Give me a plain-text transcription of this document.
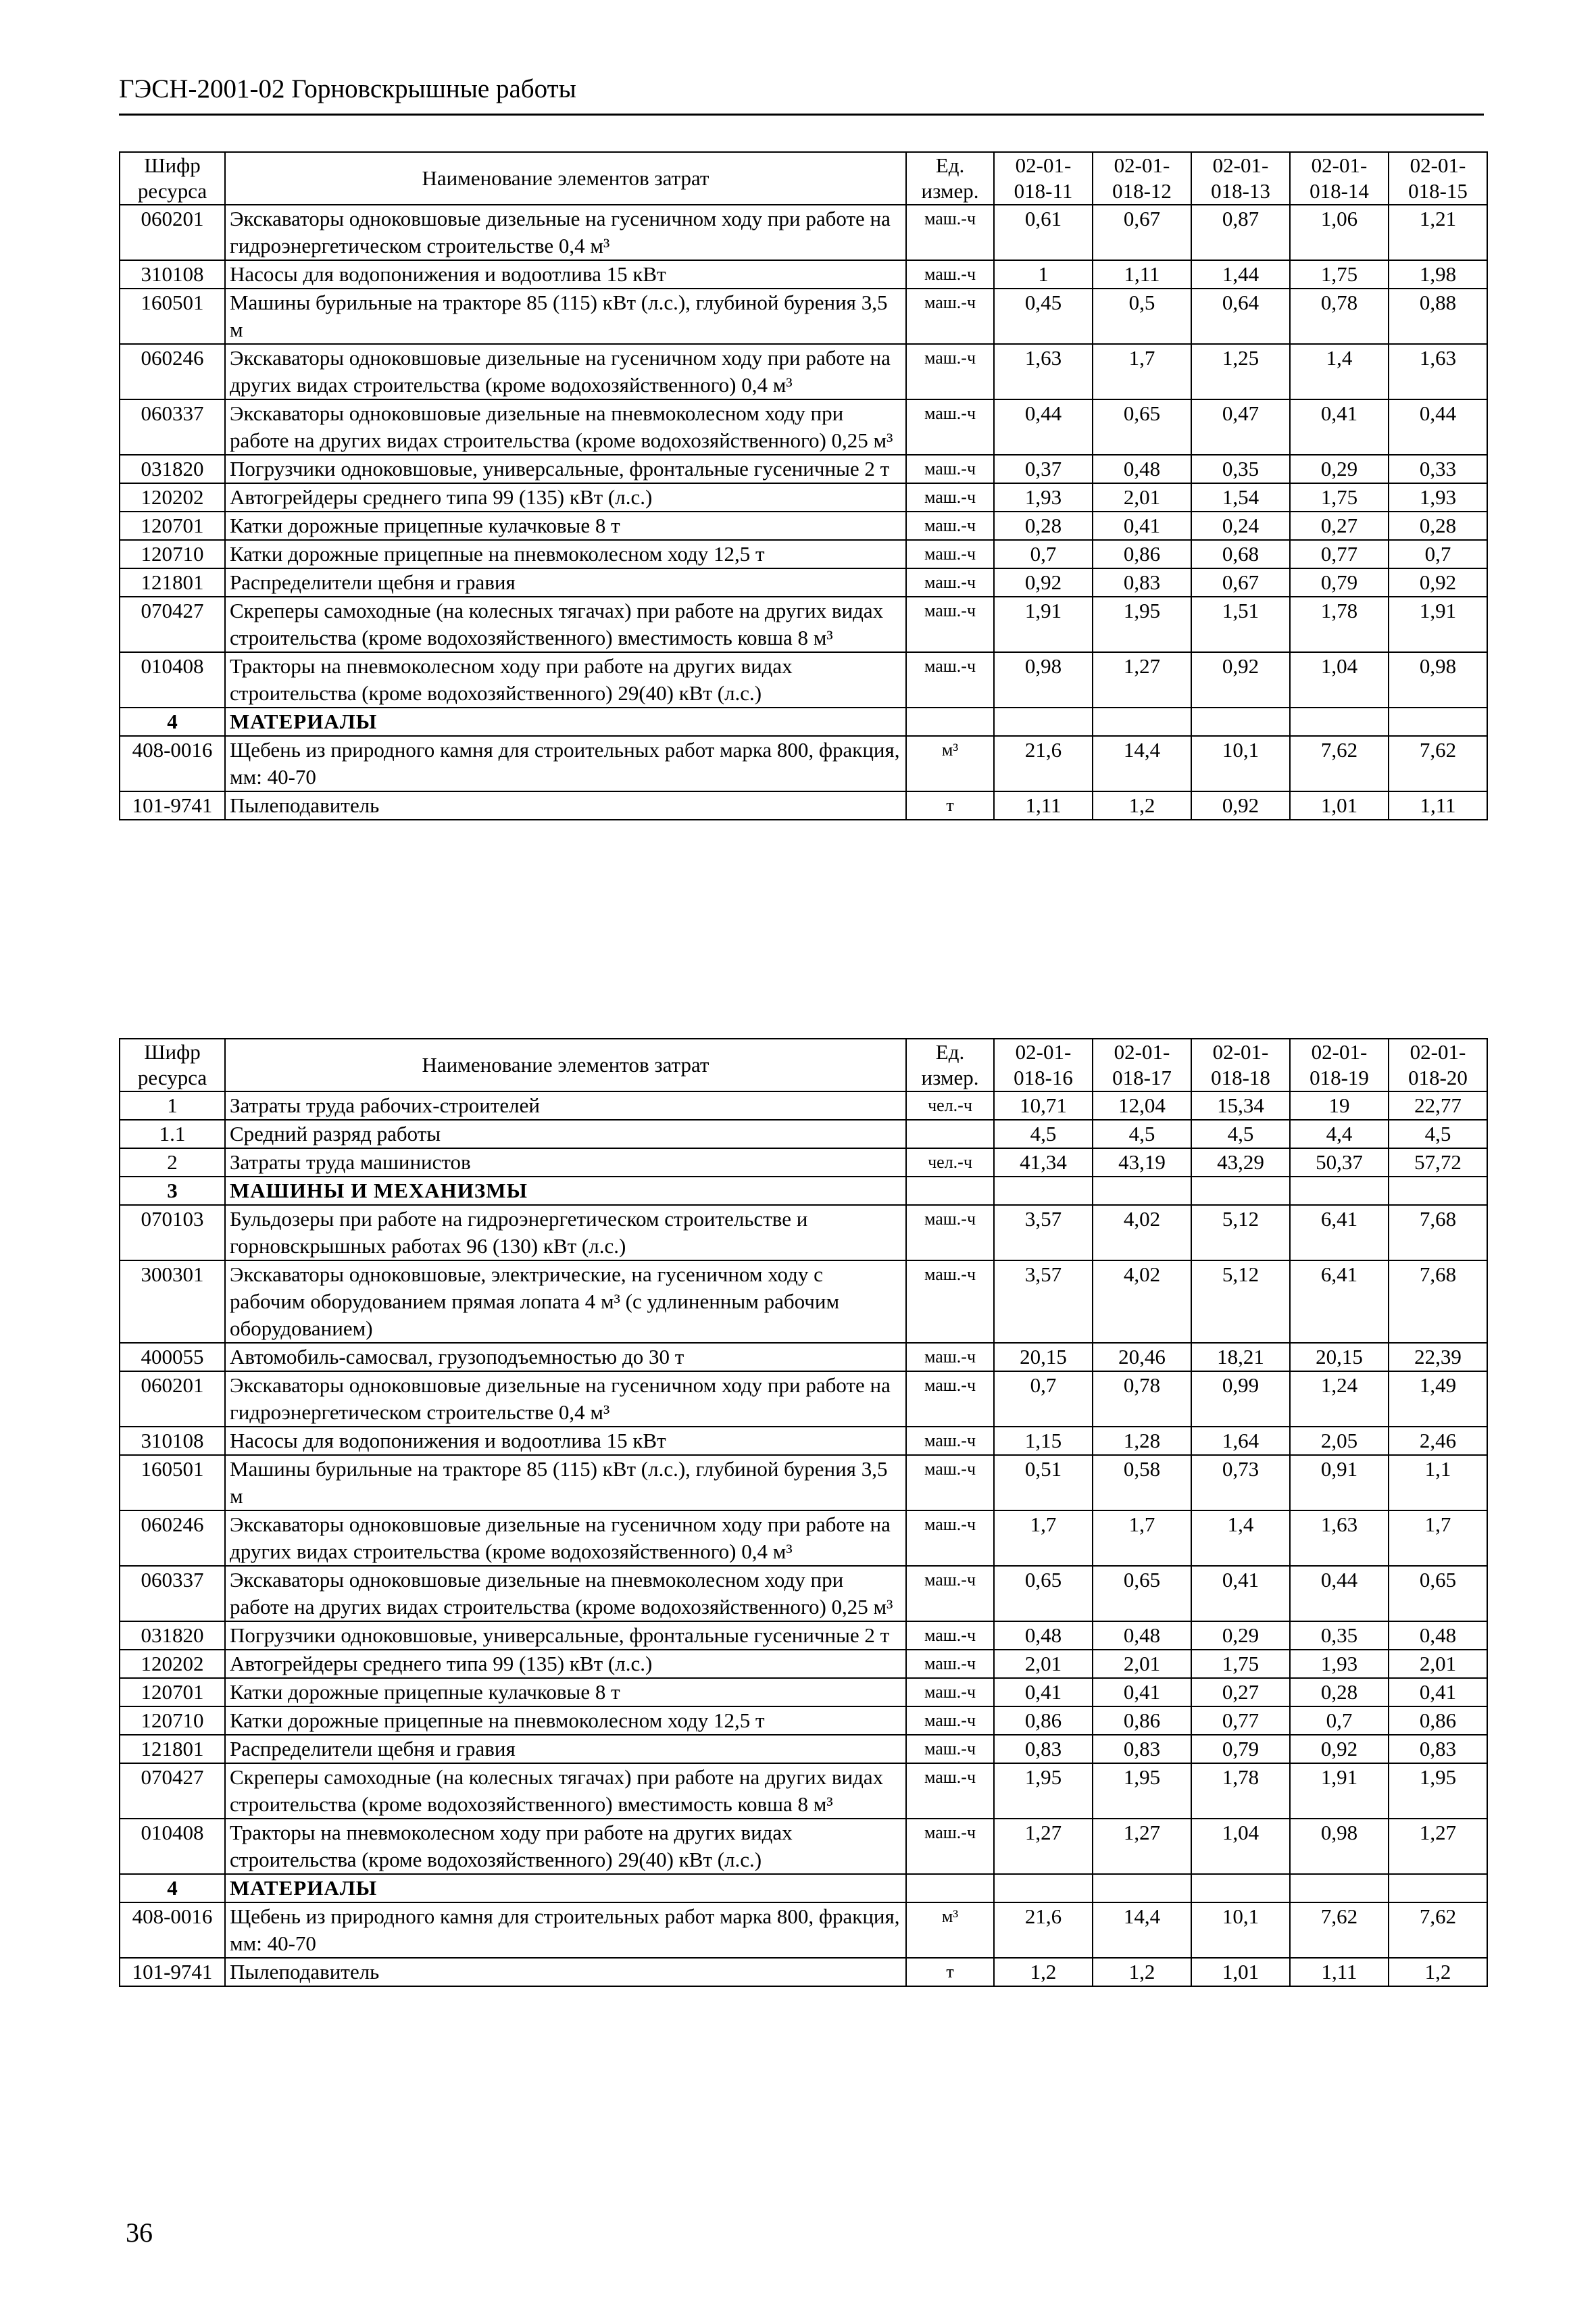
ГЭСН-2001-02 Горновскрышные работы
Шифр ресурса	Наименование элементов затрат	Ед. измер.	02-01-018-11	02-01-018-12	02-01-018-13	02-01-018-14	02-01-018-15
060201	Экскаваторы одноковшовые дизельные на гусеничном ходу при работе на гидроэнергетическом строительстве 0,4 м³	маш.-ч	0,61	0,67	0,87	1,06	1,21
310108	Насосы для водопонижения и водоотлива 15 кВт	маш.-ч	1	1,11	1,44	1,75	1,98
160501	Машины бурильные на тракторе 85 (115) кВт (л.с.), глубиной бурения 3,5 м	маш.-ч	0,45	0,5	0,64	0,78	0,88
060246	Экскаваторы одноковшовые дизельные на гусеничном ходу при работе на других видах строительства (кроме водохозяйственного) 0,4 м³	маш.-ч	1,63	1,7	1,25	1,4	1,63
060337	Экскаваторы одноковшовые дизельные на пневмоколесном ходу при работе на других видах строительства (кроме водохозяйственного) 0,25 м³	маш.-ч	0,44	0,65	0,47	0,41	0,44
031820	Погрузчики одноковшовые, универсальные, фронтальные гусеничные 2 т	маш.-ч	0,37	0,48	0,35	0,29	0,33
120202	Автогрейдеры среднего типа 99 (135) кВт (л.с.)	маш.-ч	1,93	2,01	1,54	1,75	1,93
120701	Катки дорожные прицепные кулачковые 8 т	маш.-ч	0,28	0,41	0,24	0,27	0,28
120710	Катки дорожные прицепные на пневмоколесном ходу 12,5 т	маш.-ч	0,7	0,86	0,68	0,77	0,7
121801	Распределители щебня и гравия	маш.-ч	0,92	0,83	0,67	0,79	0,92
070427	Скреперы самоходные (на колесных тягачах) при работе на других видах строительства (кроме водохозяйственного) вместимость ковша 8 м³	маш.-ч	1,91	1,95	1,51	1,78	1,91
010408	Тракторы на пневмоколесном ходу при работе на других видах строительства (кроме водохозяйственного) 29(40) кВт (л.с.)	маш.-ч	0,98	1,27	0,92	1,04	0,98
4	МАТЕРИАЛЫ						
408-0016	Щебень из природного камня для строительных работ марка 800, фракция, мм: 40-70	м³	21,6	14,4	10,1	7,62	7,62
101-9741	Пылеподавитель	т	1,11	1,2	0,92	1,01	1,11
Шифр ресурса	Наименование элементов затрат	Ед. измер.	02-01-018-16	02-01-018-17	02-01-018-18	02-01-018-19	02-01-018-20
1	Затраты труда рабочих-строителей	чел.-ч	10,71	12,04	15,34	19	22,77
1.1	Средний разряд работы		4,5	4,5	4,5	4,4	4,5
2	Затраты труда машинистов	чел.-ч	41,34	43,19	43,29	50,37	57,72
3	МАШИНЫ И МЕХАНИЗМЫ						
070103	Бульдозеры при работе на гидроэнергетическом строительстве и горновскрышных работах 96 (130) кВт (л.с.)	маш.-ч	3,57	4,02	5,12	6,41	7,68
300301	Экскаваторы одноковшовые, электрические, на гусеничном ходу с рабочим оборудованием прямая лопата 4 м³ (с удлиненным рабочим оборудованием)	маш.-ч	3,57	4,02	5,12	6,41	7,68
400055	Автомобиль-самосвал, грузоподъемностью до 30 т	маш.-ч	20,15	20,46	18,21	20,15	22,39
060201	Экскаваторы одноковшовые дизельные на гусеничном ходу при работе на гидроэнергетическом строительстве 0,4 м³	маш.-ч	0,7	0,78	0,99	1,24	1,49
310108	Насосы для водопонижения и водоотлива 15 кВт	маш.-ч	1,15	1,28	1,64	2,05	2,46
160501	Машины бурильные на тракторе 85 (115) кВт (л.с.), глубиной бурения 3,5 м	маш.-ч	0,51	0,58	0,73	0,91	1,1
060246	Экскаваторы одноковшовые дизельные на гусеничном ходу при работе на других видах строительства (кроме водохозяйственного) 0,4 м³	маш.-ч	1,7	1,7	1,4	1,63	1,7
060337	Экскаваторы одноковшовые дизельные на пневмоколесном ходу при работе на других видах строительства (кроме водохозяйственного) 0,25 м³	маш.-ч	0,65	0,65	0,41	0,44	0,65
031820	Погрузчики одноковшовые, универсальные, фронтальные гусеничные 2 т	маш.-ч	0,48	0,48	0,29	0,35	0,48
120202	Автогрейдеры среднего типа 99 (135) кВт (л.с.)	маш.-ч	2,01	2,01	1,75	1,93	2,01
120701	Катки дорожные прицепные кулачковые 8 т	маш.-ч	0,41	0,41	0,27	0,28	0,41
120710	Катки дорожные прицепные на пневмоколесном ходу 12,5 т	маш.-ч	0,86	0,86	0,77	0,7	0,86
121801	Распределители щебня и гравия	маш.-ч	0,83	0,83	0,79	0,92	0,83
070427	Скреперы самоходные (на колесных тягачах) при работе на других видах строительства (кроме водохозяйственного) вместимость ковша 8 м³	маш.-ч	1,95	1,95	1,78	1,91	1,95
010408	Тракторы на пневмоколесном ходу при работе на других видах строительства (кроме водохозяйственного) 29(40) кВт (л.с.)	маш.-ч	1,27	1,27	1,04	0,98	1,27
4	МАТЕРИАЛЫ						
408-0016	Щебень из природного камня для строительных работ марка 800, фракция, мм: 40-70	м³	21,6	14,4	10,1	7,62	7,62
101-9741	Пылеподавитель	т	1,2	1,2	1,01	1,11	1,2
36
